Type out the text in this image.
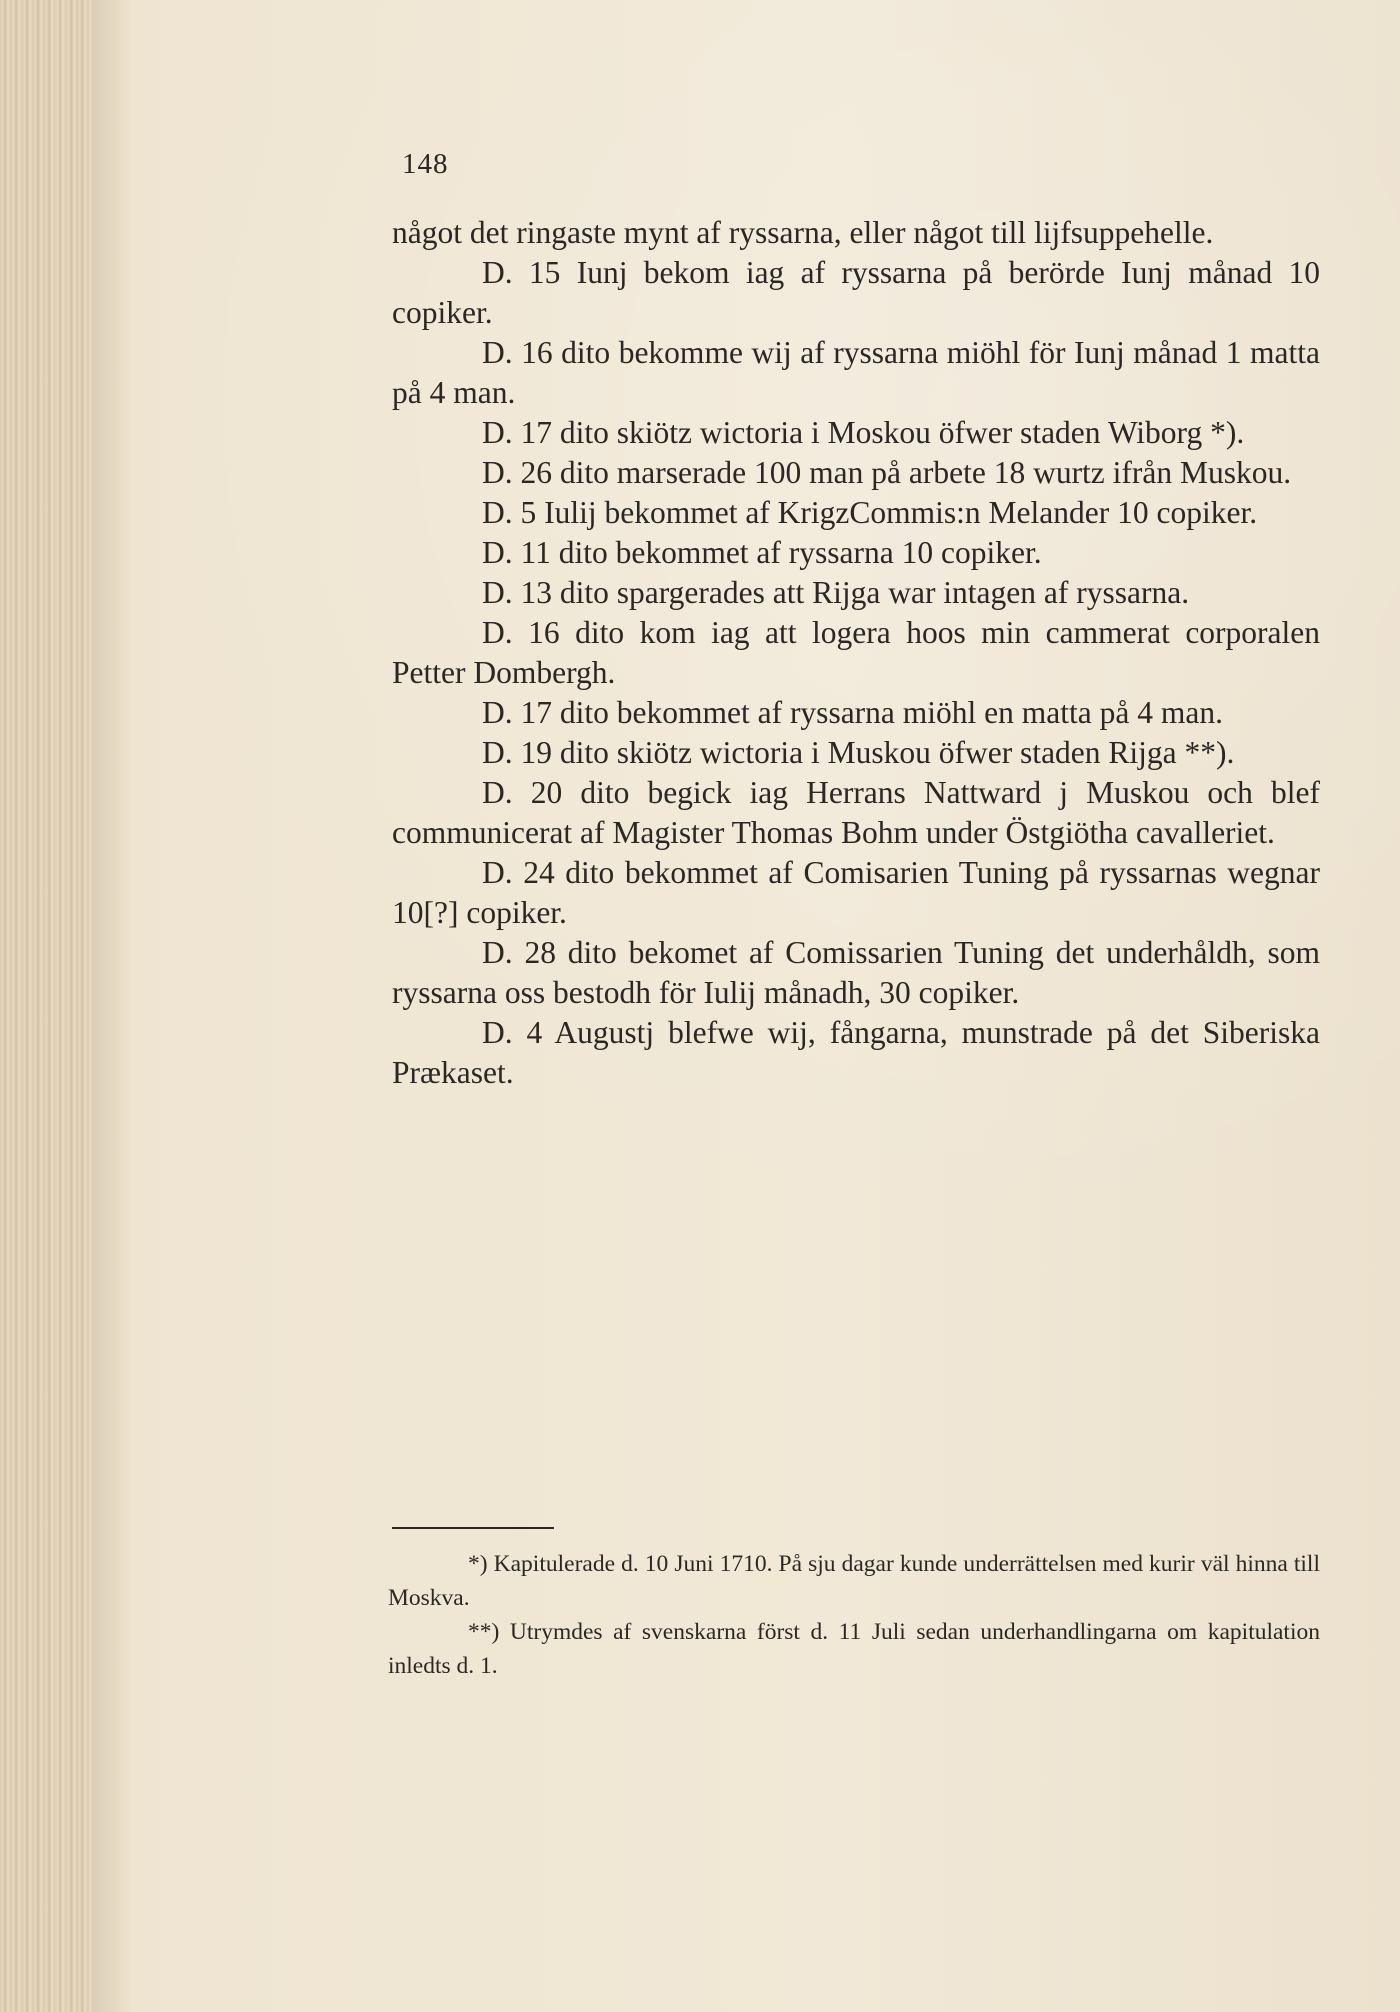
148

något det ringaste mynt af ryssarna, eller något till lijfsuppehelle.

D. 15 Iunj bekom iag af ryssarna på berörde Iunj månad 10 copiker.

D. 16 dito bekomme wij af ryssarna miöhl för Iunj månad 1 matta på 4 man.

D. 17 dito skiötz wictoria i Moskou öfwer staden Wiborg *).

D. 26 dito marserade 100 man på arbete 18 wurtz ifrån Muskou.

D. 5 Iulij bekommet af KrigzCommis:n Melander 10 copiker.

D. 11 dito bekommet af ryssarna 10 copiker.

D. 13 dito spargerades att Rijga war intagen af ryssarna.

D. 16 dito kom iag att logera hoos min cammerat corporalen Petter Dombergh.

D. 17 dito bekommet af ryssarna miöhl en matta på 4 man.

D. 19 dito skiötz wictoria i Muskou öfwer staden Rijga **).

D. 20 dito begick iag Herrans Nattward j Muskou och blef communicerat af Magister Thomas Bohm under Östgiötha cavalleriet.

D. 24 dito bekommet af Comisarien Tuning på ryssarnas wegnar 10[?] copiker.

D. 28 dito bekomet af Comissarien Tuning det underhåldh, som ryssarna oss bestodh för Iulij månadh, 30 copiker.

D. 4 Augustj blefwe wij, fångarna, munstrade på det Siberiska Prækaset.

*) Kapitulerade d. 10 Juni 1710. På sju dagar kunde underrättelsen med kurir väl hinna till Moskva.

**) Utrymdes af svenskarna först d. 11 Juli sedan underhandlingarna om kapitulation inledts d. 1.
